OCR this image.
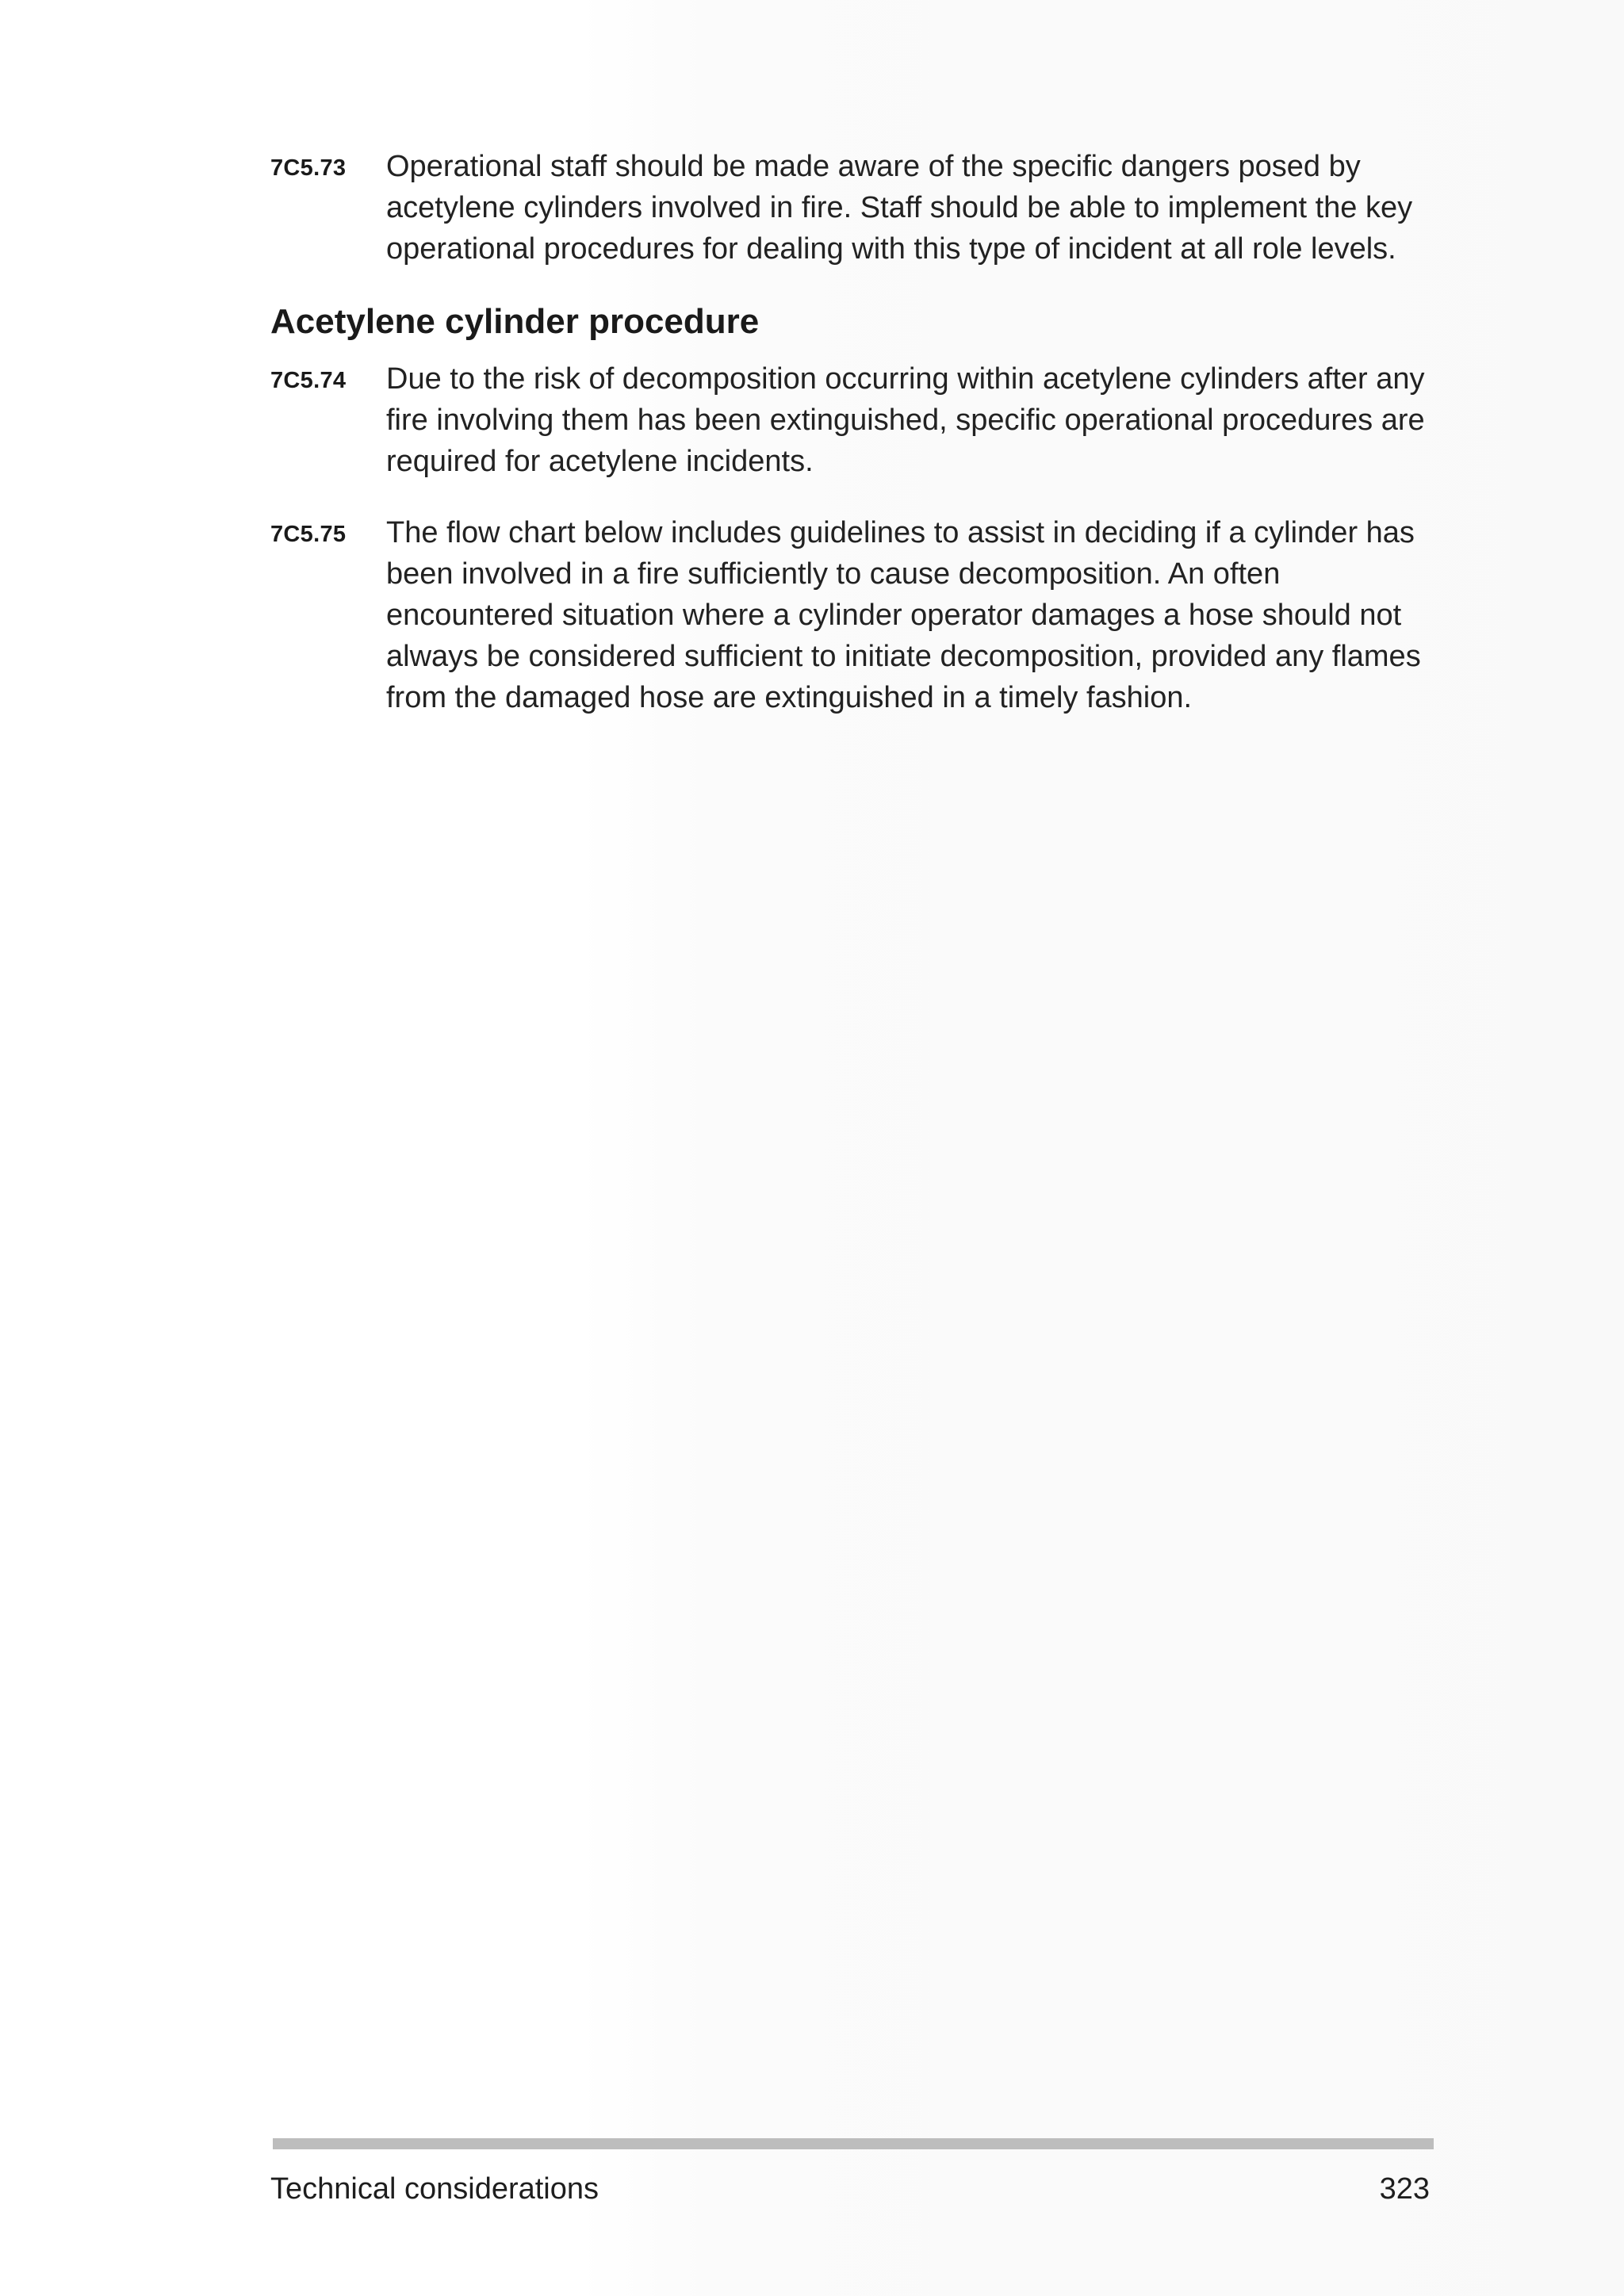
7C5.73 Operational staff should be made aware of the specific dangers posed by acetylene cylinders involved in fire. Staff should be able to implement the key operational procedures for dealing with this type of incident at all role levels.
Acetylene cylinder procedure
7C5.74 Due to the risk of decomposition occurring within acetylene cylinders after any fire involving them has been extinguished, specific operational procedures are required for acetylene incidents.
7C5.75 The flow chart below includes guidelines to assist in deciding if a cylinder has been involved in a fire sufficiently to cause decomposition. An often encountered situation where a cylinder operator damages a hose should not always be considered sufficient to initiate decomposition, provided any flames from the damaged hose are extinguished in a timely fashion.
Technical considerations	323
